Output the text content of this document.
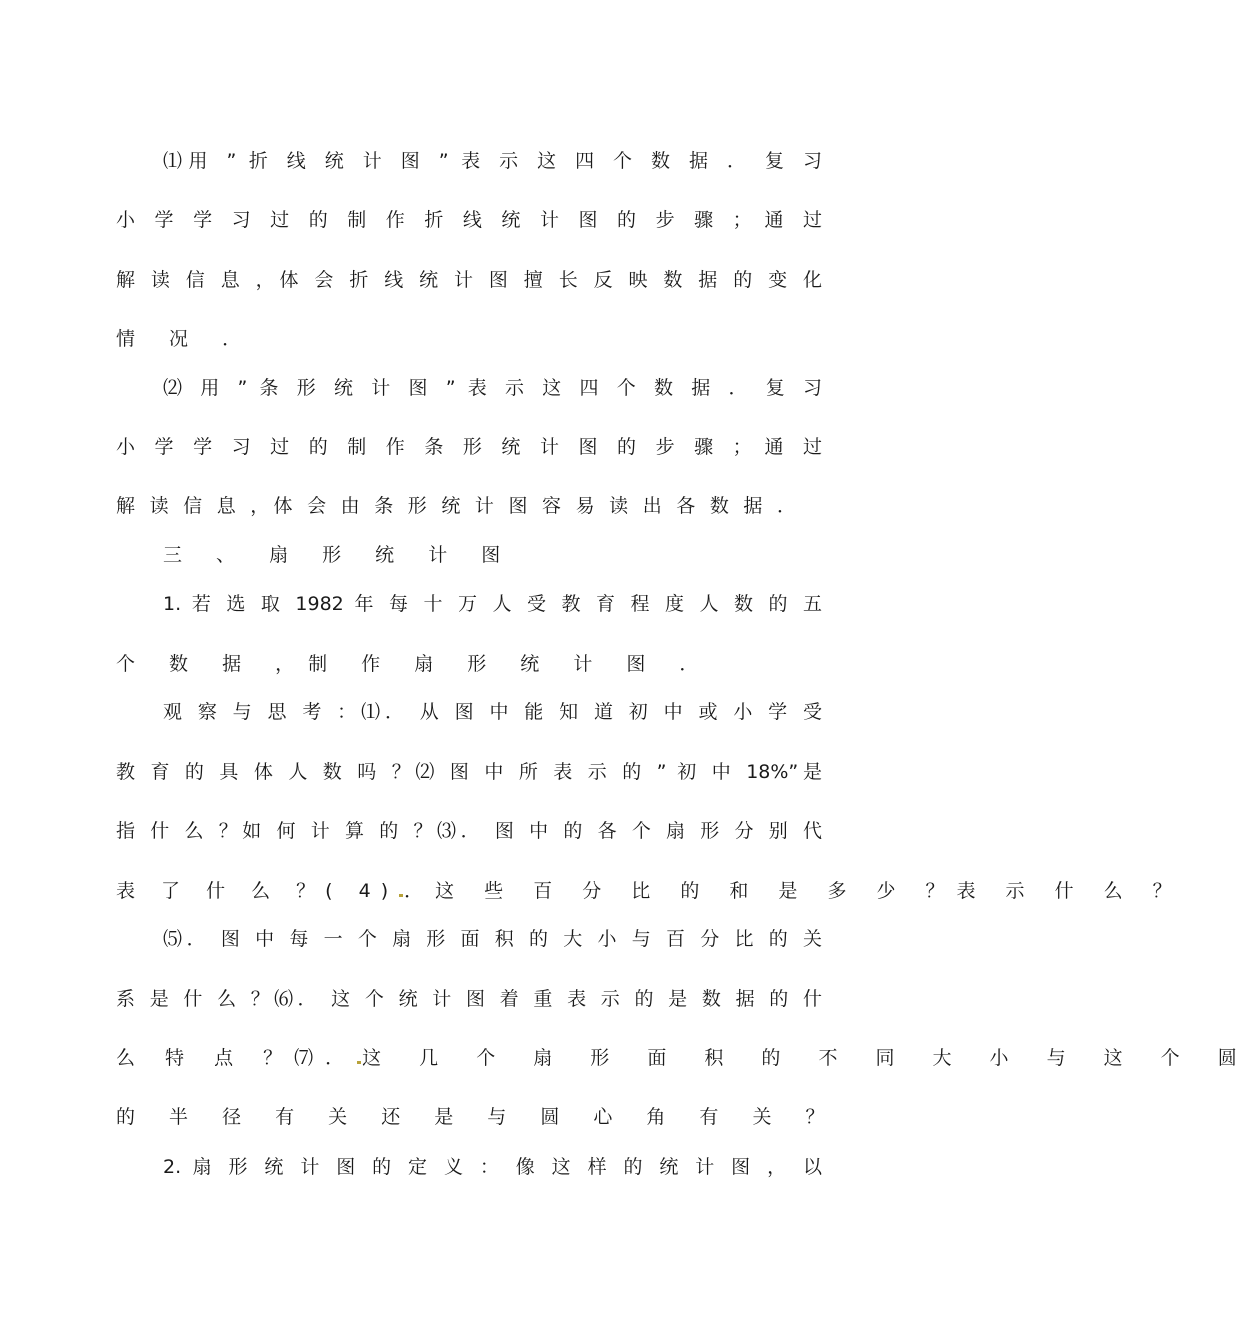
⑴用 ” 折 线 统 计 图 ” 表 示 这 四 个 数 据 ． 复 习
小 学 学 习 过 的 制 作 折 线 统 计 图 的 步 骤 ； 通 过
解 读 信 息 ，体 会 折 线 统 计 图 擅 长 反 映 数 据 的 变 化
情 况 ．
⑵ 用 ” 条 形 统 计 图 ” 表 示 这 四 个 数 据 ． 复 习
小 学 学 习 过 的 制 作 条 形 统 计 图 的 步 骤 ； 通 过
解 读 信 息 ，体 会 由 条 形 统 计 图 容 易 读 出 各 数 据 ．
三 、 扇 形 统 计 图
1. 若 选 取 1982 年 每 十 万 人 受 教 育 程 度 人 数 的 五
个 数 据 ，制 作 扇 形 统 计 图 ．
观 察 与 思 考 ：⑴． 从 图 中 能 知 道 初 中 或 小 学 受
教 育 的 具 体 人 数 吗 ？⑵ 图 中 所 表 示 的 ” 初 中 18%”是
指 什 么 ？如 何 计 算 的 ？⑶． 图 中 的 各 个 扇 形 分 别 代
表 了 什 么 ？( 4) ．这 些 百 分 比 的 和 是 多 少 ？表 示 什 么 ？
⑸． 图 中 每 一 个 扇 形 面 积 的 大 小 与 百 分 比 的 关
系 是 什 么 ？⑹． 这 个 统 计 图 着 重 表 示 的 是 数 据 的 什
么 特 点 ？⑺． 这 几 个 扇 形 面 积 的 不 同 大 小 与 这 个 圆
的 半 径 有 关 还 是 与 圆 心 角 有 关 ？
2. 扇 形 统 计 图 的 定 义 ： 像 这 样 的 统 计 图 ， 以
